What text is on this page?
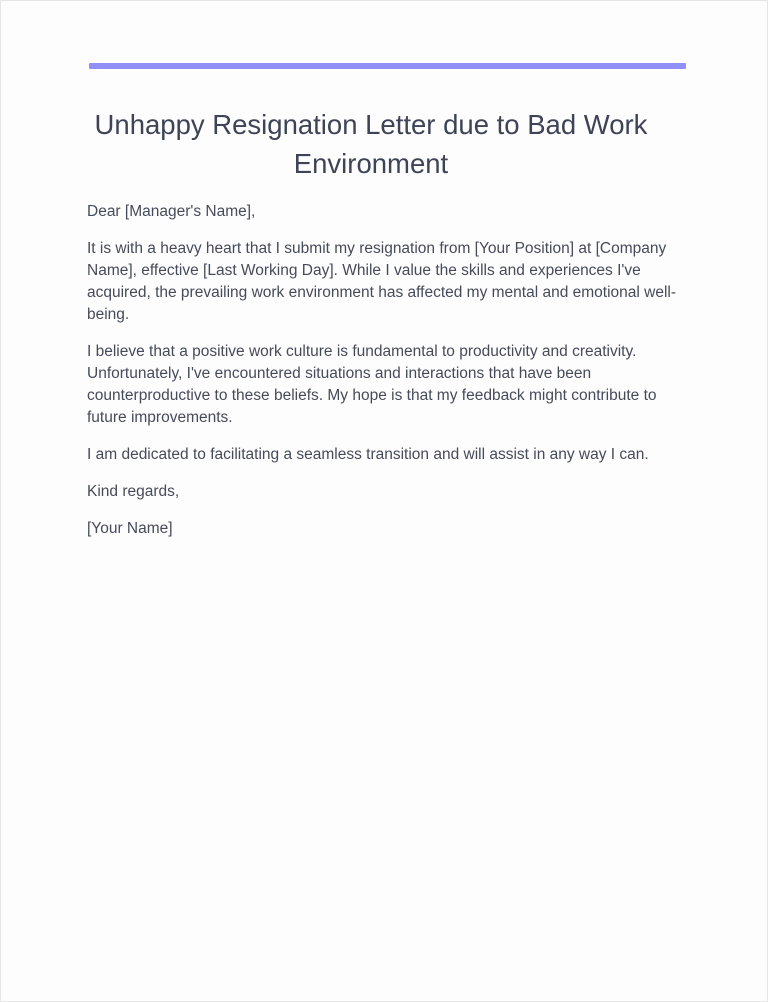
Unhappy Resignation Letter due to Bad Work Environment

Dear [Manager's Name],

It is with a heavy heart that I submit my resignation from [Your Position] at [Company Name], effective [Last Working Day]. While I value the skills and experiences I've acquired, the prevailing work environment has affected my mental and emotional well-being.

I believe that a positive work culture is fundamental to productivity and creativity. Unfortunately, I've encountered situations and interactions that have been counterproductive to these beliefs. My hope is that my feedback might contribute to future improvements.

I am dedicated to facilitating a seamless transition and will assist in any way I can.

Kind regards,

[Your Name]
